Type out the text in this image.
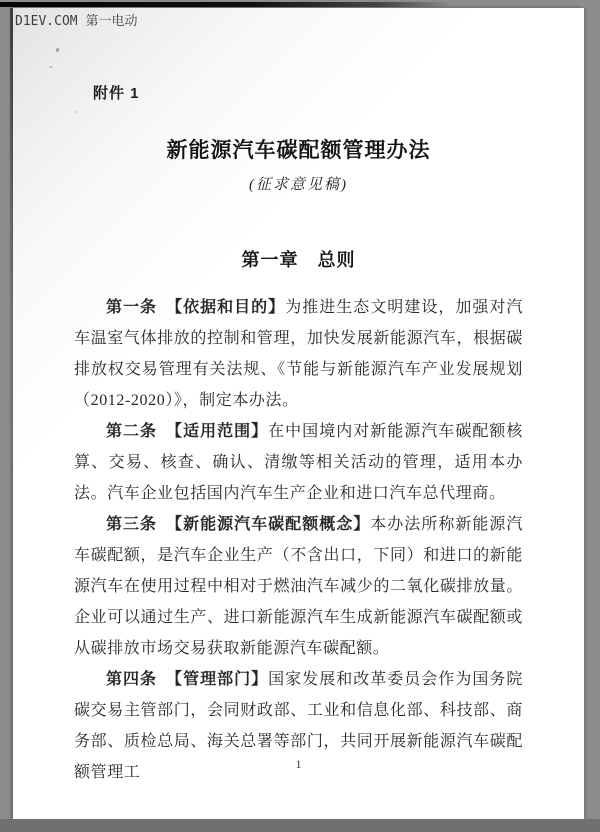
附件 1
新能源汽车碳配额管理办法
(征求意见稿)
第一章　总则

第一条　【依据和目的】为推进生态文明建设，加强对汽车温室气体排放的控制和管理，加快发展新能源汽车，根据碳排放权交易管理有关法规、《节能与新能源汽车产业发展规划（2012-2020）》，制定本办法。

第二条　【适用范围】在中国境内对新能源汽车碳配额核算、交易、核查、确认、清缴等相关活动的管理，适用本办法。汽车企业包括国内汽车生产企业和进口汽车总代理商。

第三条　【新能源汽车碳配额概念】本办法所称新能源汽车碳配额，是汽车企业生产（不含出口，下同）和进口的新能源汽车在使用过程中相对于燃油汽车减少的二氧化碳排放量。企业可以通过生产、进口新能源汽车生成新能源汽车碳配额或从碳排放市场交易获取新能源汽车碳配额。

第四条　【管理部门】国家发展和改革委员会作为国务院碳交易主管部门，会同财政部、工业和信息化部、科技部、商务部、质检总局、海关总署等部门，共同开展新能源汽车碳配额管理工	1
D1EV.COM 第一电动
